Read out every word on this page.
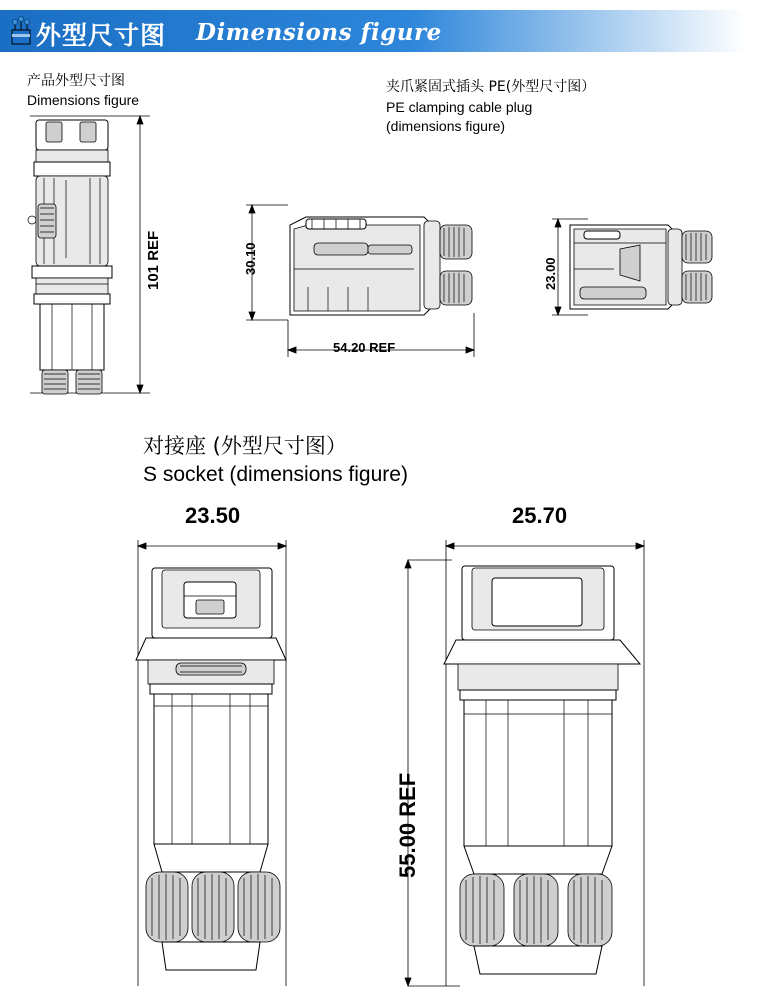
外型尺寸图 Dimensions figure
产品外型尺寸图
Dimensions figure
夹爪紧固式插头 PE(外型尺寸图）
PE clamping cable plug
(dimensions figure)
对接座 (外型尺寸图）
S socket (dimensions figure)
101 REF	30.10
54.20 REF
23.00
23.50	25.70
55.00 REF
